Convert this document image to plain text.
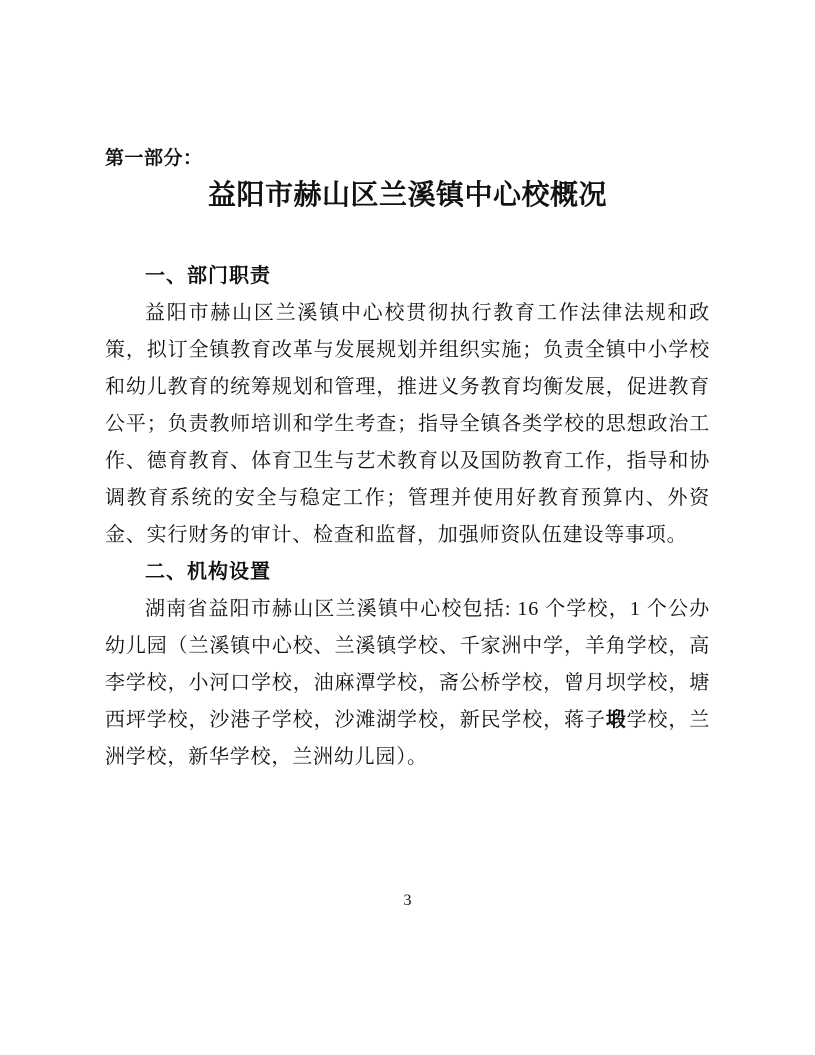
第一部分：
益阳市赫山区兰溪镇中心校概况
一、部门职责

益阳市赫山区兰溪镇中心校贯彻执行教育工作法律法规和政策，拟订全镇教育改革与发展规划并组织实施；负责全镇中小学校和幼儿教育的统筹规划和管理，推进义务教育均衡发展，促进教育公平；负责教师培训和学生考查；指导全镇各类学校的思想政治工作、德育教育、体育卫生与艺术教育以及国防教育工作，指导和协调教育系统的安全与稳定工作；管理并使用好教育预算内、外资金、实行财务的审计、检查和监督，加强师资队伍建设等事项。

二、机构设置

湖南省益阳市赫山区兰溪镇中心校包括: 16 个学校，1 个公办幼儿园（兰溪镇中心校、兰溪镇学校、千家洲中学，羊角学校，高李学校，小河口学校，油麻潭学校，斋公桥学校，曾月坝学校，塘西坪学校，沙港子学校，沙滩湖学校，新民学校，蒋子塅学校，兰洲学校，新华学校，兰洲幼儿园）。

3
